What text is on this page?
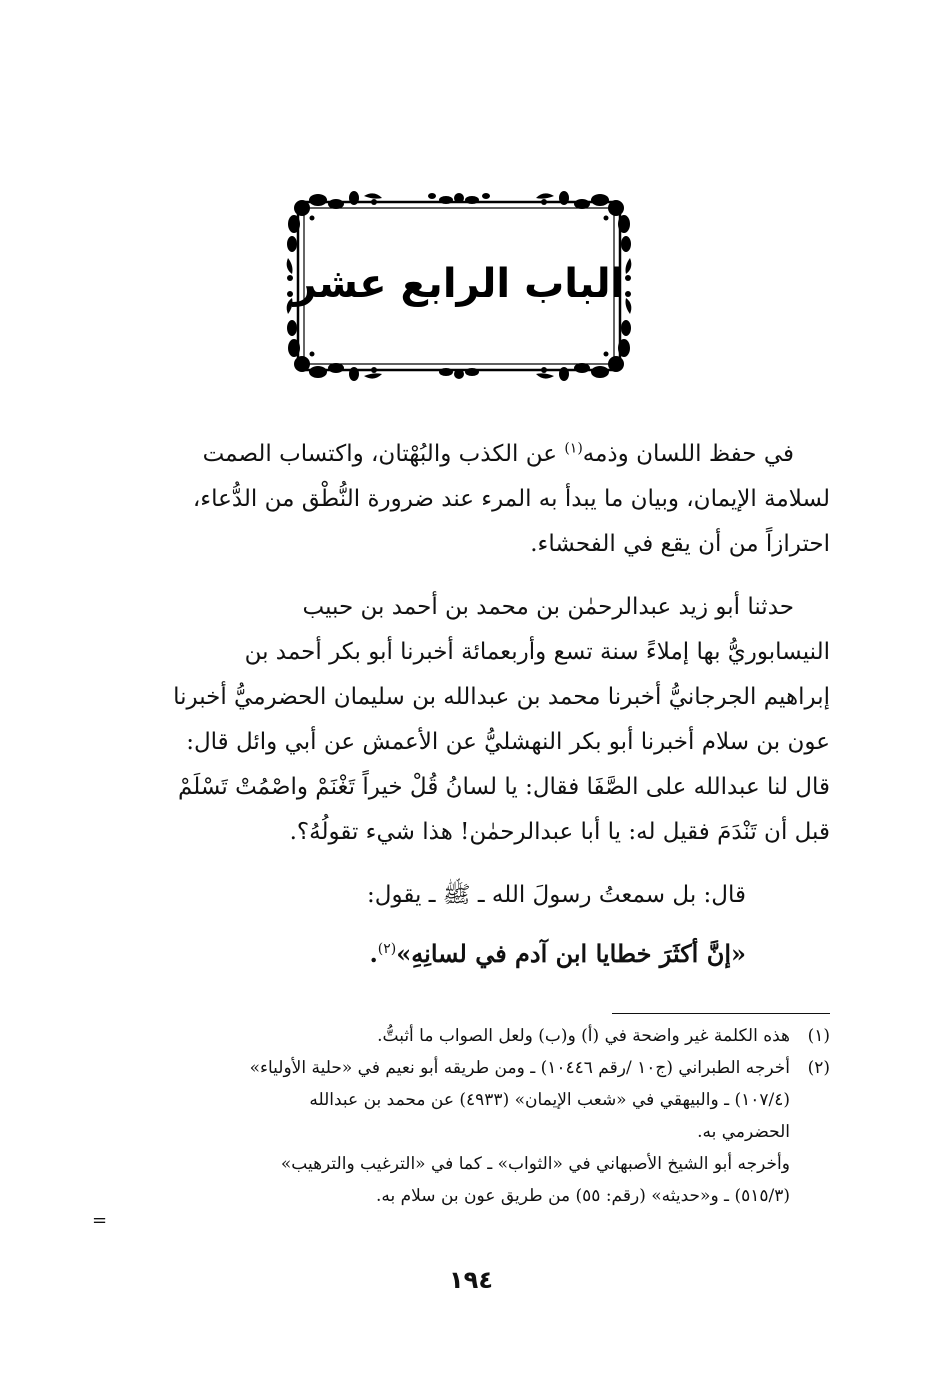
الباب الرابع عشر
في حفظ اللسان وذمه$^{(١)}$ عن الكذب والبُهْتان، واكتساب الصمت
لسلامة الإيمان، وبيان ما يبدأ به المرء عند ضرورة النُّطْق من الدُّعاء،
احترازاً من أن يقع في الفحشاء.
حدثنا أبو زيد عبدالرحمٰن بن محمد بن أحمد بن حبيب
النيسابوريُّ بها إملاءً سنة تسع وأربعمائة أخبرنا أبو بكر أحمد بن
إبراهيم الجرجانيُّ أخبرنا محمد بن عبدالله بن سليمان الحضرميُّ أخبرنا
عون بن سلام أخبرنا أبو بكر النهشليُّ عن الأعمش عن أبي وائل قال:
قال لنا عبدالله على الصَّفَا فقال: يا لسانُ قُلْ خيراً تَغْنَمْ واصْمُتْ تَسْلَمْ
قبل أن تَنْدَمَ فقيل له: يا أبا عبدالرحمٰن! هذا شيء تقولُهُ؟.
قال: بل سمعتُ رسولَ الله ـ ﷺ ـ يقول:
«إنَّ أكثَرَ خطايا ابن آدم في لسانِهِ»$^{(٢)}$.
(١)
هذه الكلمة غير واضحة في (أ) و(ب) ولعل الصواب ما أثبتُّ.
(٢)
أخرجه الطبراني (ج١٠ /رقم ١٠٤٤٦) ـ ومن طريقه أبو نعيم في «حلية الأولياء»
(١٠٧/٤) ـ والبيهقي في «شعب الإيمان» (٤٩٣٣) عن محمد بن عبدالله
الحضرمي به.
وأخرجه أبو الشيخ الأصبهاني في «الثواب» ـ كما في «الترغيب والترهيب»
(٥١٥/٣) ـ و«حديثه» (رقم: ٥٥) من طريق عون بن سلام به.
=
١٩٤
